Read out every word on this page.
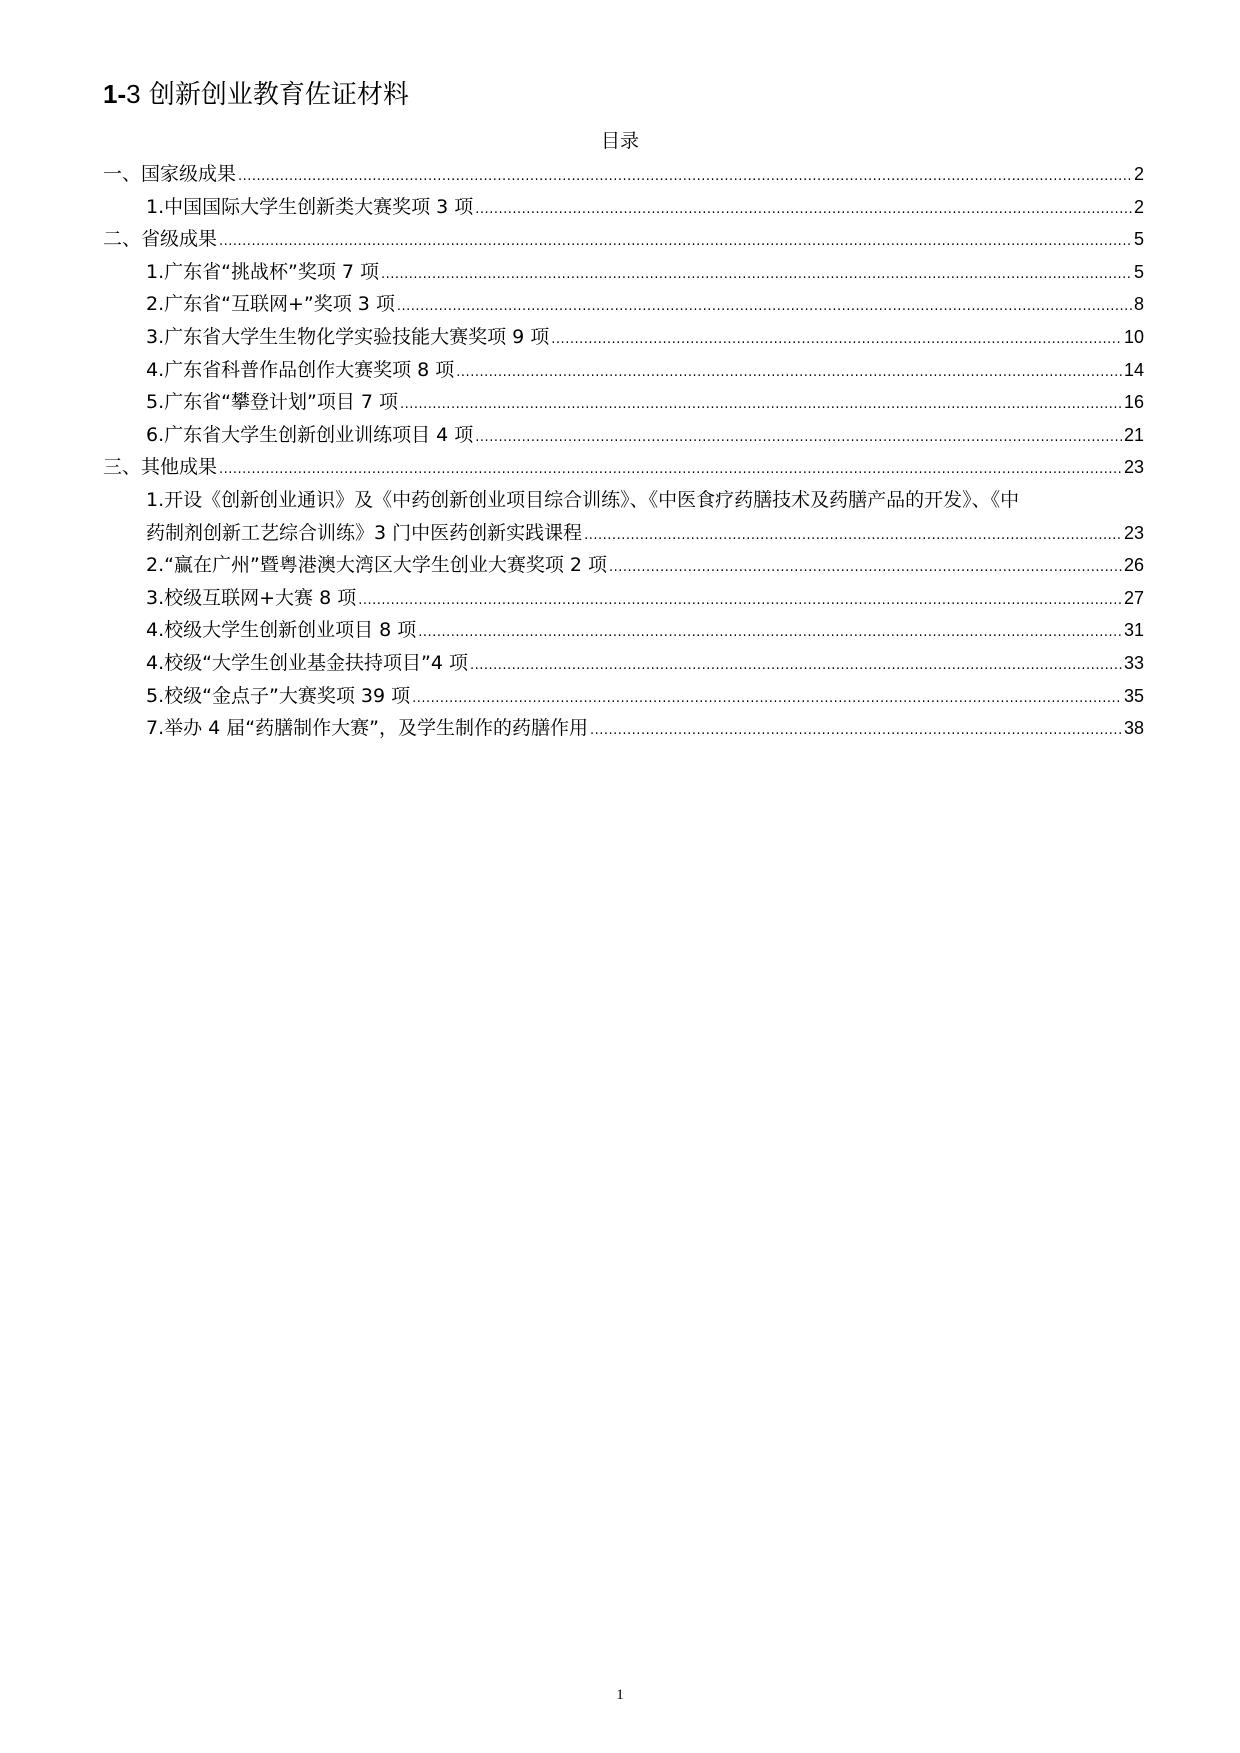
1-3 创新创业教育佐证材料
目录
一、国家级成果 .....	2
1.中国国际大学生创新类大赛奖项 3 项 .....	2
二、省级成果 .....	5
1.广东省“挑战杯”奖项 7 项 .....	5
2.广东省“互联网+”奖项 3 项 .....	8
3.广东省大学生生物化学实验技能大赛奖项 9 项 .....	10
4.广东省科普作品创作大赛奖项 8 项 .....	14
5.广东省“攀登计划”项目 7 项 .....	16
6.广东省大学生创新创业训练项目 4 项 .....	21
三、其他成果 .....	23
1.开设《创新创业通识》及《中药创新创业项目综合训练》、《中医食疗药膳技术及药膳产品的开发》、《中
药制剂创新工艺综合训练》3 门中医药创新实践课程 .....	23
2.“赢在广州”暨粤港澳大湾区大学生创业大赛奖项 2 项 .....	26
3.校级互联网+大赛 8 项 .....	27
4.校级大学生创新创业项目 8 项 .....	31
4.校级“大学生创业基金扶持项目”4 项 .....	33
5.校级“金点子”大赛奖项 39 项 .....	35
7.举办 4 届“药膳制作大赛”，及学生制作的药膳作用 .....	38
1
